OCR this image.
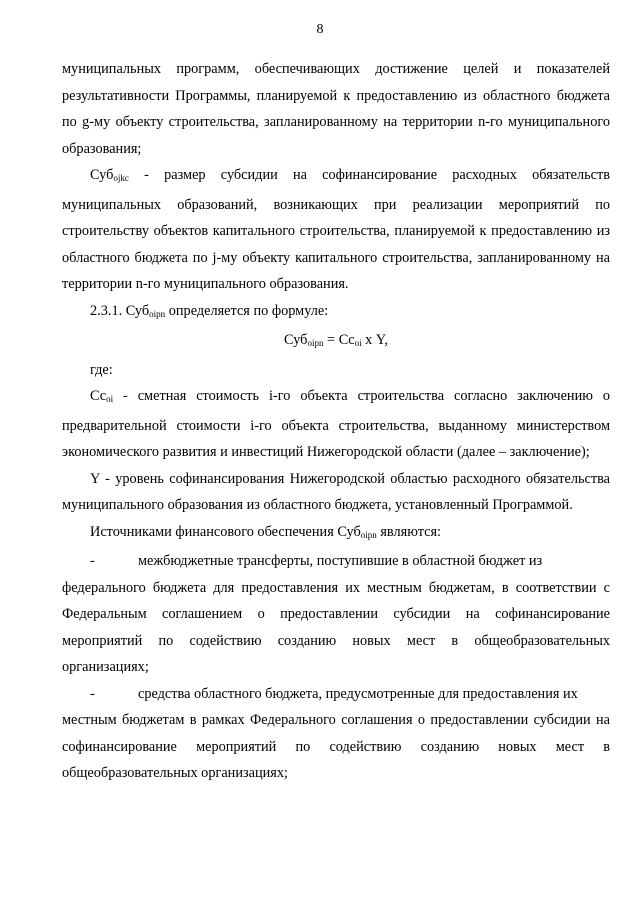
8

муниципальных программ, обеспечивающих достижение целей и показателей результативности Программы, планируемой к предоставлению из областного бюджета по g-му объекту строительства, запланированному на территории n-го муниципального образования;

Суб$_{ojkc}$ - размер субсидии на софинансирование расходных обязательств муниципальных образований, возникающих при реализации мероприятий по строительству объектов капитального строительства, планируемой к предоставлению из областного бюджета по j-му объекту капитального строительства, запланированному на территории n-го муниципального образования.

2.3.1. Суб$_{oipn}$ определяется по формуле:

$Суб_{oipn} = Cc_{oi}$ х Y,

где:

$Сс_{oi}$ - сметная стоимость i-го объекта строительства согласно заключению о предварительной стоимости i-го объекта строительства, выданному министерством экономического развития и инвестиций Нижегородской области (далее – заключение);

Y - уровень софинансирования Нижегородской областью расходного обязательства муниципального образования из областного бюджета, установленный Программой.

Источниками финансового обеспечения Суб$_{oipn}$ являются:

-	межбюджетные трансферты, поступившие в областной бюджет из

федерального бюджета для предоставления их местным бюджетам, в соответствии с Федеральным соглашением о предоставлении субсидии на софинансирование мероприятий по содействию созданию новых мест в общеобразовательных организациях;

-	средства областного бюджета, предусмотренные для предоставления их

местным бюджетам в рамках Федерального соглашения о предоставлении субсидии на софинансирование мероприятий по содействию созданию новых мест в общеобразовательных организациях;
